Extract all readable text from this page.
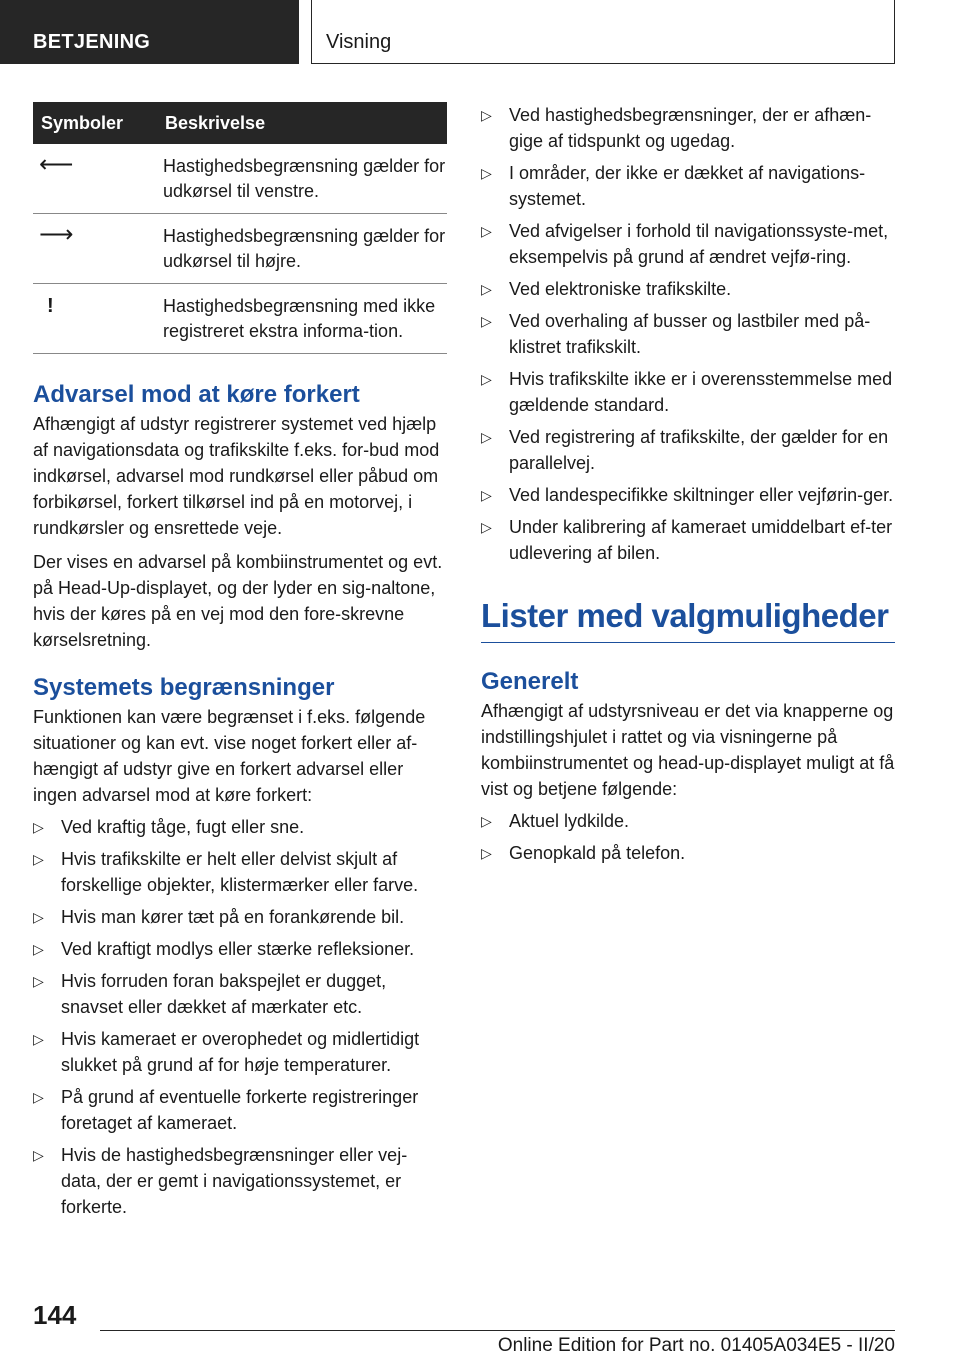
BETJENING	Visning
Symboler	Beskrivelse
⟵	Hastighedsbegrænsning gælder for udkørsel til venstre.
⟶	Hastighedsbegrænsning gælder for udkørsel til højre.
!	Hastighedsbegrænsning med ikke registreret ekstra informa-tion.
Advarsel mod at køre forkert

Afhængigt af udstyr registrerer systemet ved hjælp af navigationsdata og trafikskilte f.eks. for-bud mod indkørsel, advarsel mod rundkørsel eller påbud om forbikørsel, forkert tilkørsel ind på en motorvej, i rundkørsler og ensrettede veje.

Der vises en advarsel på kombiinstrumentet og evt. på Head-Up-displayet, og der lyder en sig-naltone, hvis der køres på en vej mod den fore-skrevne kørselsretning.

Systemets begrænsninger

Funktionen kan være begrænset i f.eks. følgende situationer og kan evt. vise noget forkert eller af-hængigt af udstyr give en forkert advarsel eller ingen advarsel mod at køre forkert:

▷ Ved kraftig tåge, fugt eller sne.
▷ Hvis trafikskilte er helt eller delvist skjult af forskellige objekter, klistermærker eller farve.
▷ Hvis man kører tæt på en forankørende bil.
▷ Ved kraftigt modlys eller stærke refleksioner.
▷ Hvis forruden foran bakspejlet er dugget, snavset eller dækket af mærkater etc.
▷ Hvis kameraet er overophedet og midlertidigt slukket på grund af for høje temperaturer.
▷ På grund af eventuelle forkerte registreringer foretaget af kameraet.
▷ Hvis de hastighedsbegrænsninger eller vej-data, der er gemt i navigationssystemet, er forkerte.
▷ Ved hastighedsbegrænsninger, der er afhæn-gige af tidspunkt og ugedag.
▷ I områder, der ikke er dækket af navigations-systemet.
▷ Ved afvigelser i forhold til navigationssyste-met, eksempelvis på grund af ændret vejfø-ring.
▷ Ved elektroniske trafikskilte.
▷ Ved overhaling af busser og lastbiler med på-klistret trafikskilt.
▷ Hvis trafikskilte ikke er i overensstemmelse med gældende standard.
▷ Ved registrering af trafikskilte, der gælder for en parallelvej.
▷ Ved landespecifikke skiltninger eller vejførin-ger.
▷ Under kalibrering af kameraet umiddelbart ef-ter udlevering af bilen.
Lister med valgmuligheder
Generelt

Afhængigt af udstyrsniveau er det via knapperne og indstillingshjulet i rattet og via visningerne på kombiinstrumentet og head-up-displayet muligt at få vist og betjene følgende:

▷ Aktuel lydkilde.
▷ Genopkald på telefon.
144
Online Edition for Part no. 01405A034E5 - II/20
